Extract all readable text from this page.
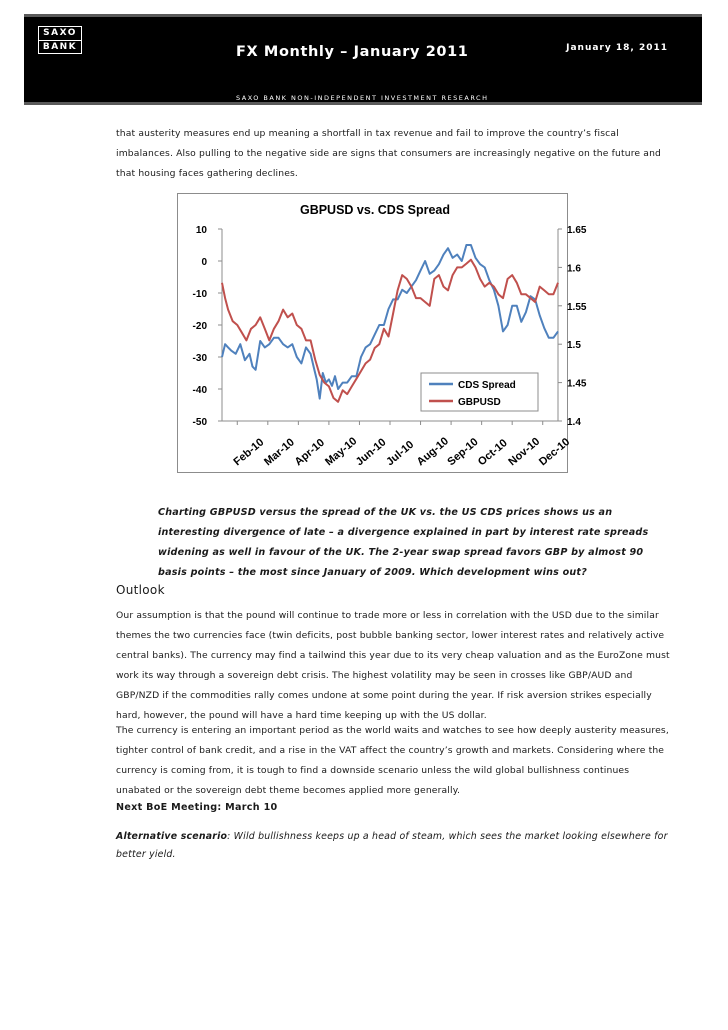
SAXO
BANK	FX Monthly – January 2011	January 18, 2011
SAXO BANK NON-INDEPENDENT INVESTMENT RESEARCH

that austerity measures end up meaning a shortfall in tax revenue and fail to improve the country’s fiscal imbalances. Also pulling to the negative side are signs that consumers are increasingly negative on the future and that housing faces gathering declines.

GBPUSD vs. CDS Spread
10
0
-10
-20
-30
-40
-50
1.65
1.6
1.55
1.5
1.45
1.4
Feb-10
Mar-10
Apr-10
May-10
Jun-10
Jul-10
Aug-10
Sep-10
Oct-10
Nov-10
Dec-10
CDS Spread
GBPUSD

Charting GBPUSD versus the spread of the UK vs. the US CDS prices shows us an interesting divergence of late – a divergence explained in part by interest rate spreads widening as well in favour of the UK. The 2-year swap spread favors GBP by almost 90 basis points – the most since January of 2009. Which development wins out?

Outlook

Our assumption is that the pound will continue to trade more or less in correlation with the USD due to the similar themes the two currencies face (twin deficits, post bubble banking sector, lower interest rates and relatively active central banks). The currency may find a tailwind this year due to its very cheap valuation and as the EuroZone must work its way through a sovereign debt crisis. The highest volatility may be seen in crosses like GBP/AUD and GBP/NZD if the commodities rally comes undone at some point during the year. If risk aversion strikes especially hard, however, the pound will have a hard time keeping up with the US dollar.

The currency is entering an important period as the world waits and watches to see how deeply austerity measures, tighter control of bank credit, and a rise in the VAT affect the country’s growth and markets. Considering where the currency is coming from, it is tough to find a downside scenario unless the wild global bullishness continues unabated or the sovereign debt theme becomes applied more generally.

Next BoE Meeting: March 10

Alternative scenario: Wild bullishness keeps up a head of steam, which sees the market looking elsewhere for better yield.
